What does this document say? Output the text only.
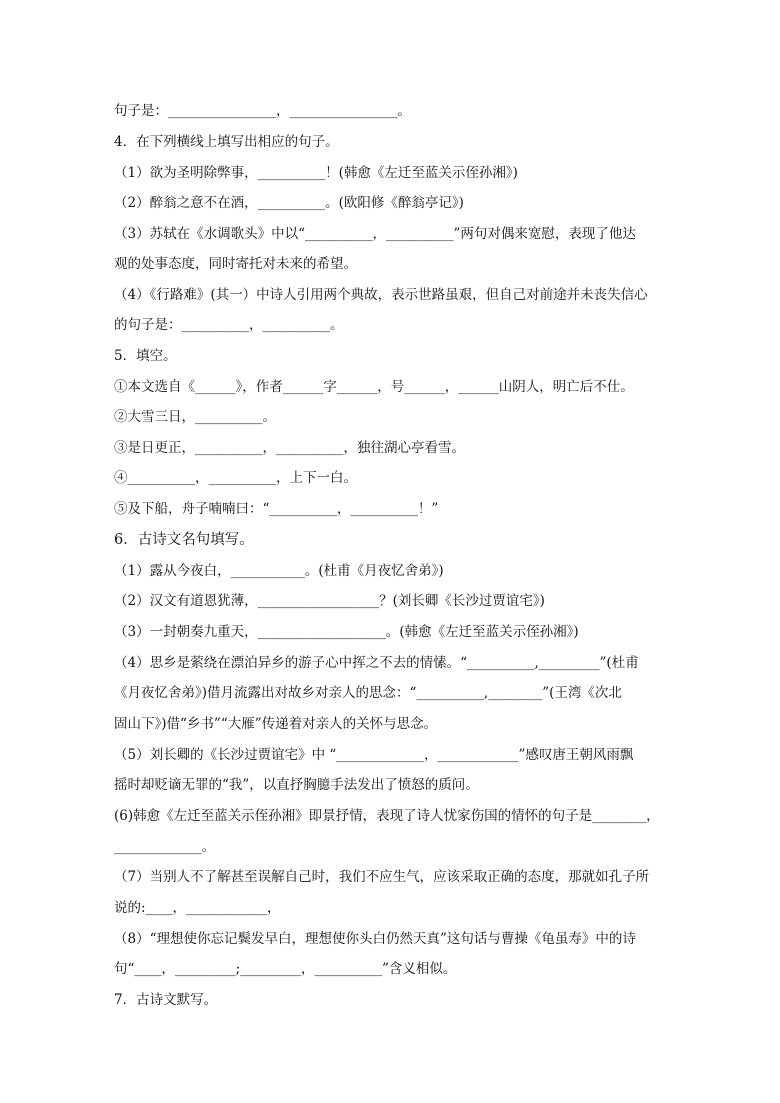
句子是：________________，________________。
4．在下列横线上填写出相应的句子。
（1）欲为圣明除弊事，__________！(韩愈《左迁至蓝关示侄孙湘》)
（2）醉翁之意不在酒，__________。(欧阳修《醉翁亭记》)
（3）苏轼在《水调歌头》中以“__________，__________”两句对偶来宽慰，表现了他达
观的处事态度，同时寄托对未来的希望。
（4）《行路难》(其一）中诗人引用两个典故，表示世路虽艰，但自己对前途并未丧失信心
的句子是：__________，__________。
5．填空。
①本文选自《______》，作者______字______，号______，______山阴人，明亡后不仕。
②大雪三日，__________。
③是日更正，__________，__________，独往湖心亭看雪。
④__________，__________，上下一白。
⑤及下船，舟子喃喃曰：“__________，__________！”
6．古诗文名句填写。
（1）露从今夜白，___________。(杜甫《月夜忆舍弟》)
（2）汉文有道恩犹薄，__________________？(刘长卿《长沙过贾谊宅》)
（3）一封朝奏九重天，___________________。(韩愈《左迁至蓝关示侄孙湘》)
（4）思乡是萦绕在漂泊异乡的游子心中挥之不去的情愫。“__________,_________”(杜甫
《月夜忆舍弟》)借月流露出对故乡对亲人的思念：“__________,________”(王湾《次北
固山下》)借“乡书”“大雁”传递着对亲人的关怀与思念。
（5）刘长卿的《长沙过贾谊宅》中 “_____________，____________”感叹唐王朝风雨飘
摇时却贬谪无罪的“我”，以直抒胸臆手法发出了愤怒的质问。
(6)韩愈《左迁至蓝关示侄孙湘》即景抒情，表现了诗人忧家伤国的情怀的句子是________，
_____________。
（7）当别人不了解甚至误解自己时，我们不应生气，应该采取正确的态度，那就如孔子所
说的:____，____________，
（8）“理想使你忘记鬓发早白，理想使你头白仍然天真”这句话与曹操《龟虽寿》中的诗
句“____，_________;_________，__________”含义相似。
7．古诗文默写。
